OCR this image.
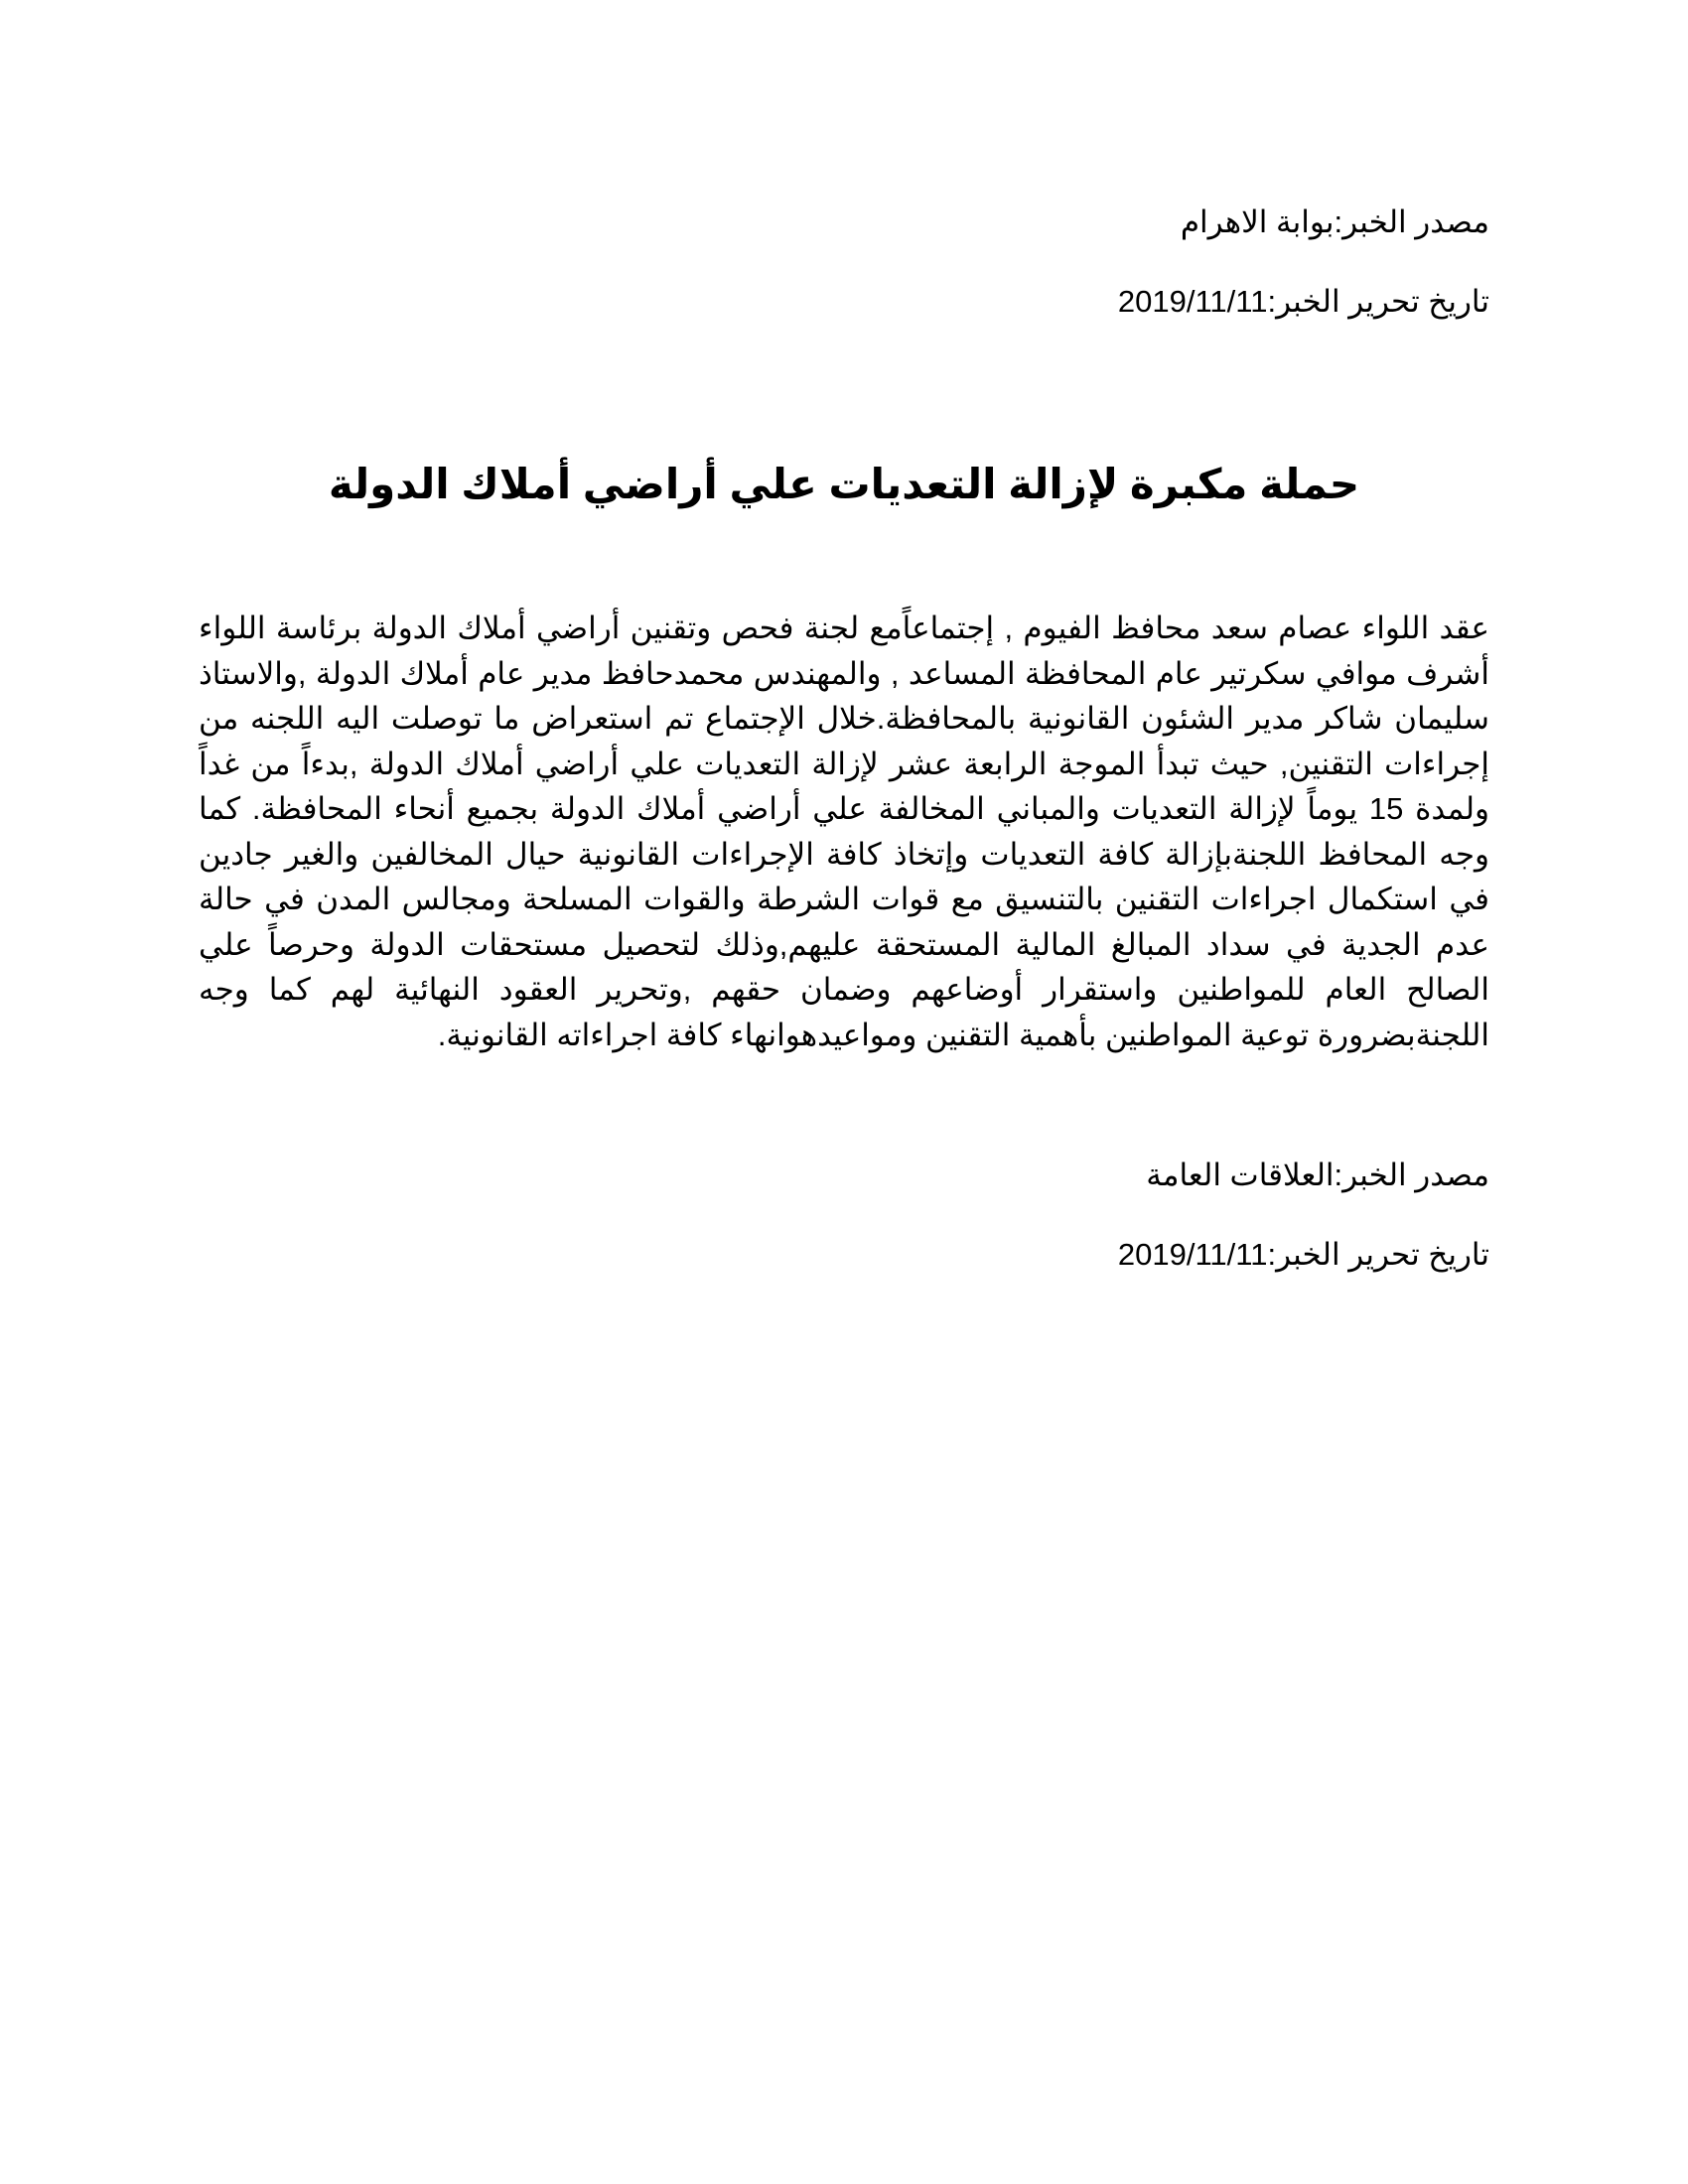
مصدر الخبر:بوابة الاهرام
تاريخ تحرير الخبر:2019/11/11
حملة مكبرة لإزالة التعديات علي أراضي أملاك الدولة

عقد اللواء عصام سعد محافظ الفيوم , إجتماعاًمع لجنة فحص وتقنين أراضي أملاك الدولة برئاسة اللواء أشرف موافي سكرتير عام المحافظة المساعد , والمهندس محمدحافظ مدير عام أملاك الدولة ,والاستاذ سليمان شاكر مدير الشئون القانونية بالمحافظة.خلال الإجتماع تم استعراض ما توصلت اليه اللجنه من إجراءات التقنين, حيث تبدأ الموجة الرابعة عشر لإزالة التعديات علي أراضي أملاك الدولة ,بدءاً من غداً ولمدة 15 يوماً لإزالة التعديات والمباني المخالفة علي أراضي أملاك الدولة بجميع أنحاء المحافظة. كما وجه المحافظ اللجنةبإزالة كافة التعديات وإتخاذ كافة الإجراءات القانونية حيال المخالفين والغير جادين في استكمال اجراءات التقنين بالتنسيق مع قوات الشرطة والقوات المسلحة ومجالس المدن في حالة عدم الجدية في سداد المبالغ المالية المستحقة عليهم,وذلك لتحصيل مستحقات الدولة وحرصاً علي الصالح العام للمواطنين واستقرار أوضاعهم وضمان حقهم ,وتحرير العقود النهائية لهم كما وجه اللجنةبضرورة توعية المواطنين بأهمية التقنين ومواعيدهوانهاء كافة اجراءاته القانونية.

مصدر الخبر:العلاقات العامة
تاريخ تحرير الخبر:2019/11/11
